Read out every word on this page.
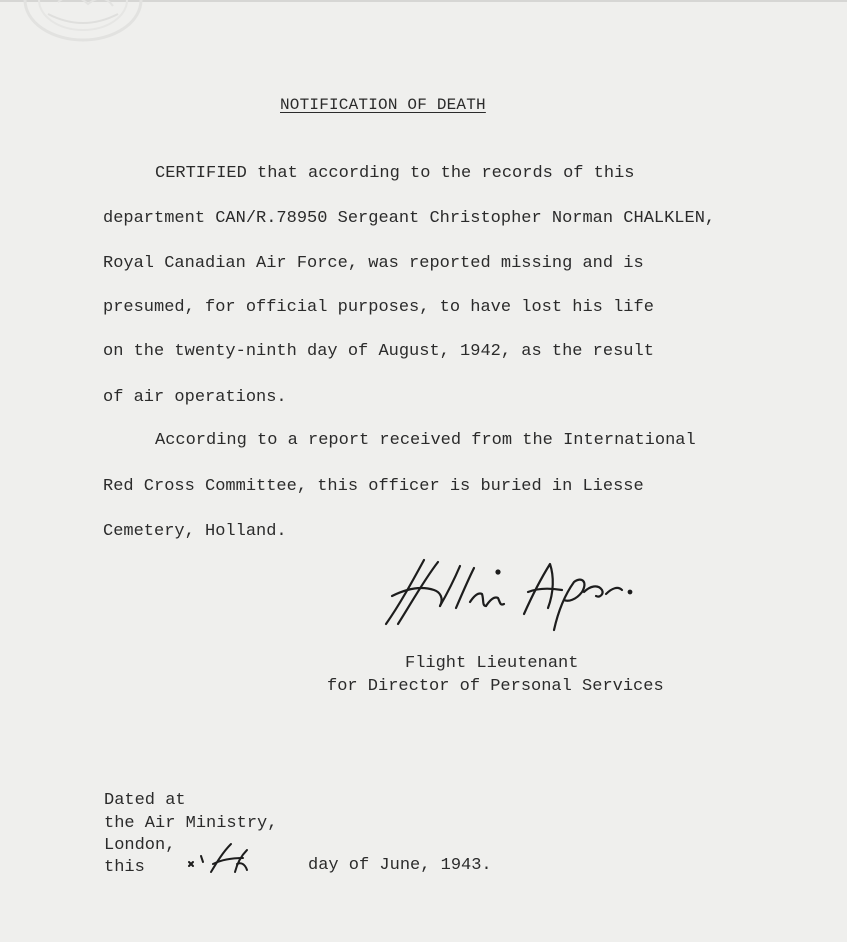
NOTIFICATION OF DEATH
CERTIFIED that according to the records of this
department CAN/R.78950 Sergeant Christopher Norman CHALKLEN,
Royal Canadian Air Force, was reported missing and is
presumed, for official purposes, to have lost his life
on the twenty-ninth day of August, 1942, as the result
of air operations.
According to a report received from the International
Red Cross Committee, this officer is buried in Liesse
Cemetery, Holland.
Flight Lieutenant
for Director of Personal Services
Dated at
the Air Ministry,
London,
this	day of June, 1943.
